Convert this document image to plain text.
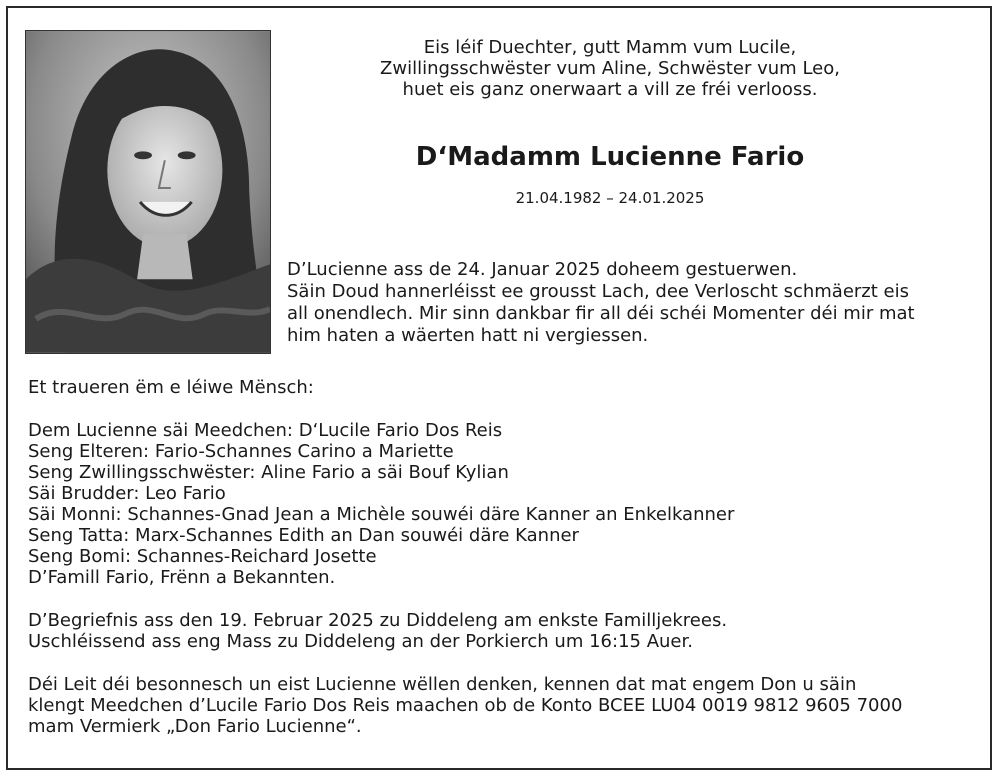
Eis léif Duechter, gutt Mamm vum Lucile,
Zwillingsschwëster vum Aline, Schwëster vum Leo,
huet eis ganz onerwaart a vill ze fréi verlooss.
D‘Madamm Lucienne Fario
21.04.1982 – 24.01.2025
D’Lucienne ass de 24. Januar 2025 doheem gestuerwen.
Säin Doud hannerléisst ee grousst Lach, dee Verloscht schmäerzt eis
all onendlech. Mir sinn dankbar fir all déi schéi Momenter déi mir mat
him haten a wäerten hatt ni vergiessen.
Et traueren ëm e léiwe Mënsch:
Dem Lucienne säi Meedchen: D‘Lucile Fario Dos Reis
Seng Elteren: Fario-Schannes Carino a Mariette
Seng Zwillingsschwëster: Aline Fario a säi Bouf Kylian
Säi Brudder: Leo Fario
Säi Monni: Schannes-Gnad Jean a Michèle souwéi däre Kanner an Enkelkanner
Seng Tatta: Marx-Schannes Edith an Dan souwéi däre Kanner
Seng Bomi: Schannes-Reichard Josette
D’Famill Fario, Frënn a Bekannten.
D’Begriefnis ass den 19. Februar 2025 zu Diddeleng am enkste Familljekrees.
Uschléissend ass eng Mass zu Diddeleng an der Porkierch um 16:15 Auer.
Déi Leit déi besonnesch un eist Lucienne wëllen denken, kennen dat mat engem Don u säin
klengt Meedchen d’Lucile Fario Dos Reis maachen ob de Konto BCEE LU04 0019 9812 9605 7000
mam Vermierk „Don Fario Lucienne“.
